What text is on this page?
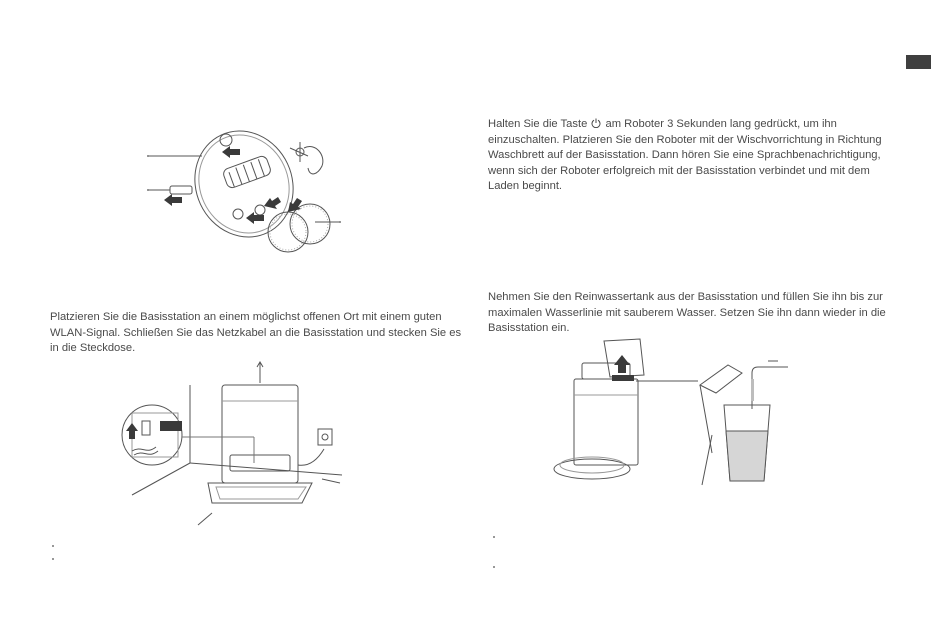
Halten Sie die Taste  am Roboter 3 Sekunden lang gedrückt, um ihn
einzuschalten. Platzieren Sie den Roboter mit der Wischvorrichtung in Richtung
Waschbrett auf der Basisstation. Dann hören Sie eine Sprachbenachrichtigung,
wenn sich der Roboter erfolgreich mit der Basisstation verbindet und mit dem
Laden beginnt.

Platzieren Sie die Basisstation an einem möglichst offenen Ort mit einem guten
WLAN-Signal. Schließen Sie das Netzkabel an die Basisstation und stecken Sie es
in die Steckdose.

Nehmen Sie den Reinwassertank aus der Basisstation und füllen Sie ihn bis zur
maximalen Wasserlinie mit sauberem Wasser. Setzen Sie ihn dann wieder in die
Basisstation ein.
